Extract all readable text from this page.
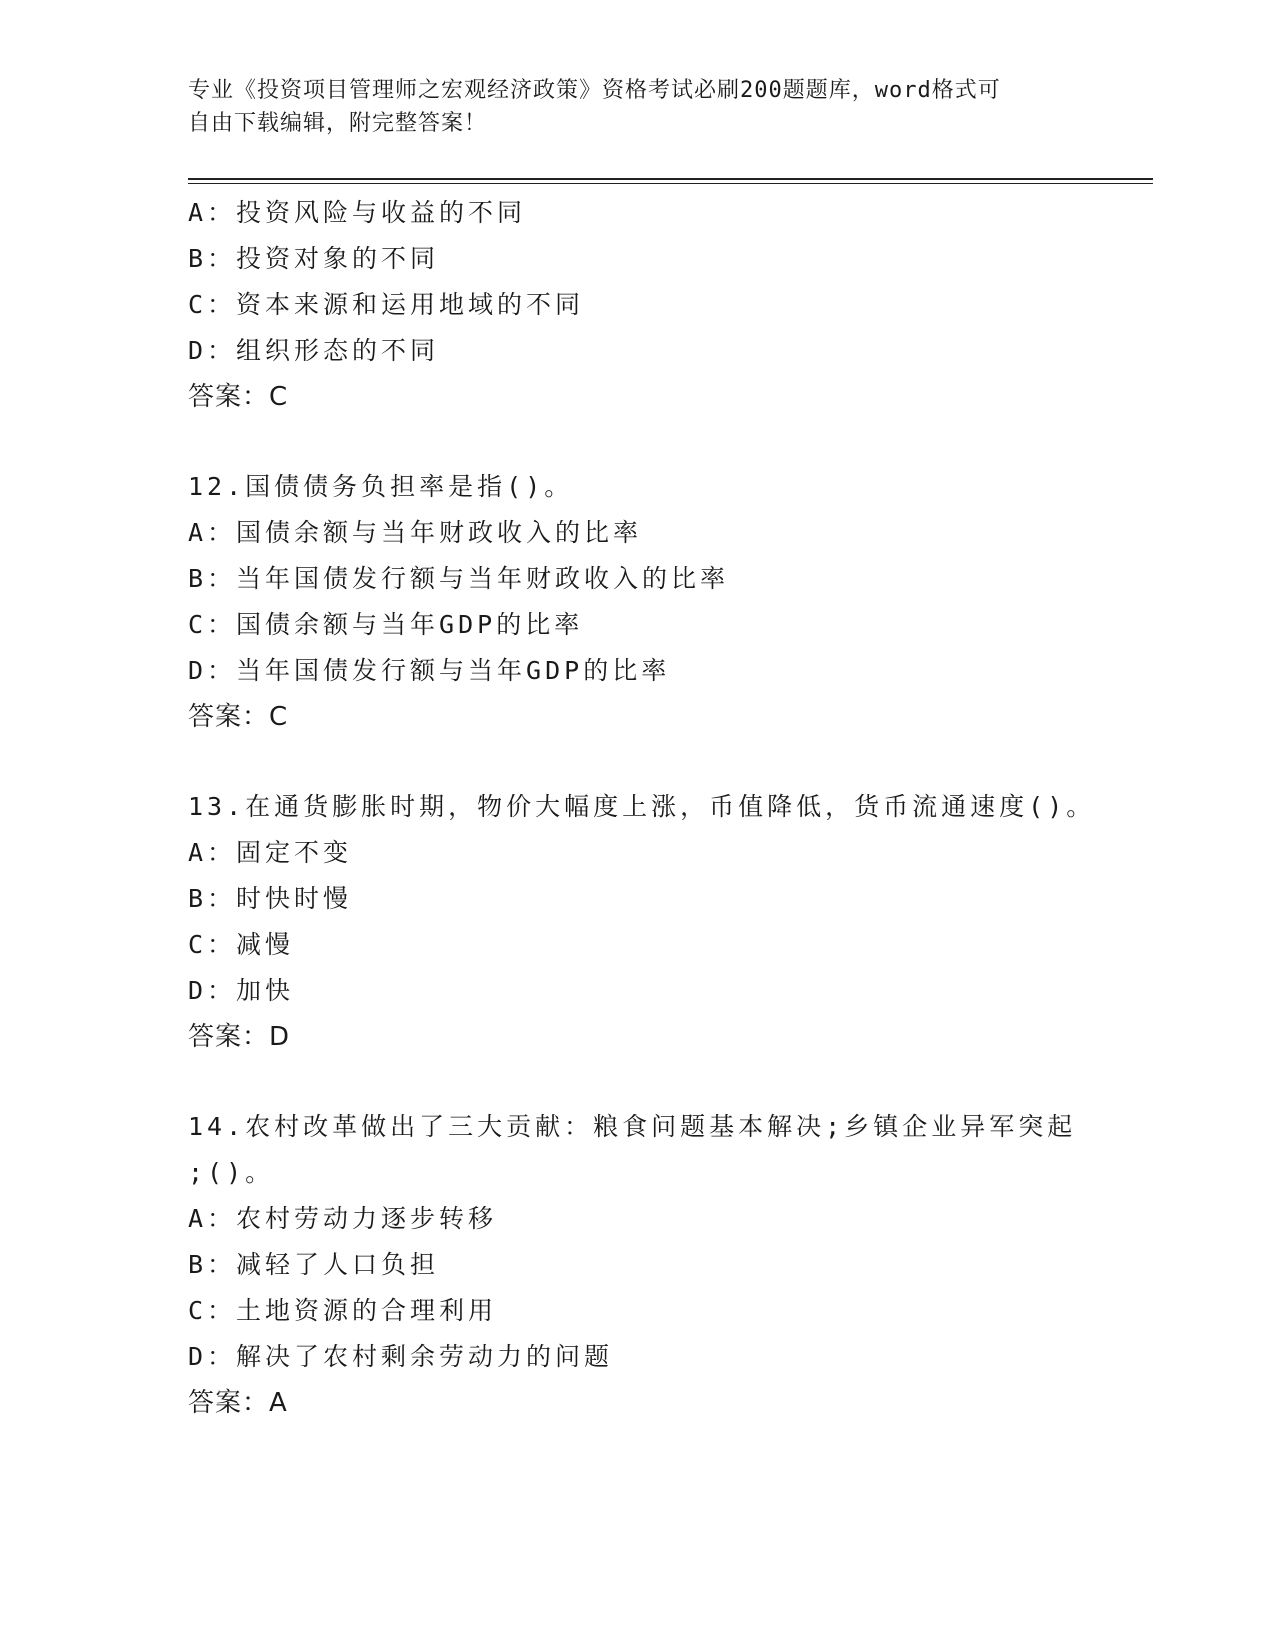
专业《投资项目管理师之宏观经济政策》资格考试必刷200题题库，word格式可
自由下载编辑，附完整答案！
A：投资风险与收益的不同
B：投资对象的不同
C：资本来源和运用地域的不同
D：组织形态的不同
答案：C
12.国债债务负担率是指()。
A：国债余额与当年财政收入的比率
B：当年国债发行额与当年财政收入的比率
C：国债余额与当年GDP的比率
D：当年国债发行额与当年GDP的比率
答案：C
13.在通货膨胀时期，物价大幅度上涨，币值降低，货币流通速度()。
A：固定不变
B：时快时慢
C：减慢
D：加快
答案：D
14.农村改革做出了三大贡献：粮食问题基本解决;乡镇企业异军突起
;()。
A：农村劳动力逐步转移
B：减轻了人口负担
C：土地资源的合理利用
D：解决了农村剩余劳动力的问题
答案：A
